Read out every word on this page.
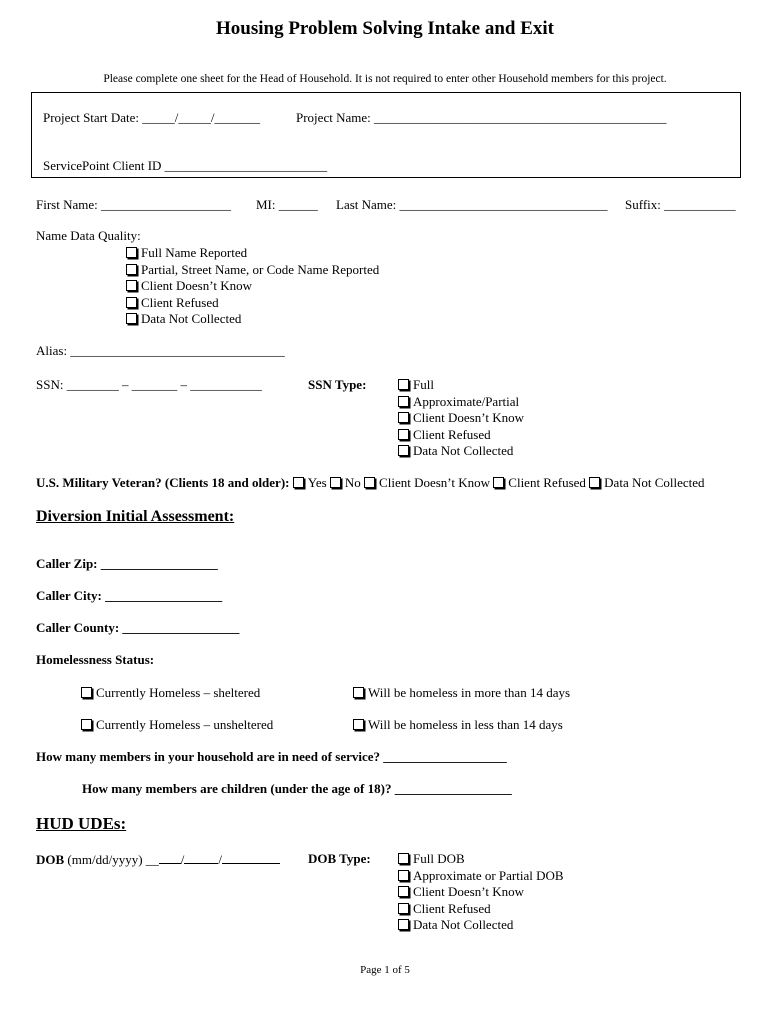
Housing Problem Solving Intake and Exit
Please complete one sheet for the Head of Household. It is not required to enter other Household members for this project.
Project Start Date: _____/_____/_______	Project Name: _____________________________________________
ServicePoint Client ID _________________________
First Name: ____________________ MI: ______ Last Name: ________________________________ Suffix: ___________
Name Data Quality:
Full Name Reported
Partial, Street Name, or Code Name Reported
Client Doesn’t Know
Client Refused
Data Not Collected
Alias: _________________________________
SSN: ________ – _______ – ___________	SSN Type:	Full
Approximate/Partial
Client Doesn’t Know
Client Refused
Data Not Collected
U.S. Military Veteran? (Clients 18 and older): Yes No Client Doesn’t Know Client Refused Data Not Collected
Diversion Initial Assessment:
Caller Zip: __________________
Caller City: __________________
Caller County: __________________
Homelessness Status:
Currently Homeless – sheltered	Will be homeless in more than 14 days
Currently Homeless – unsheltered	Will be homeless in less than 14 days
How many members in your household are in need of service? ___________________
How many members are children (under the age of 18)? __________________
HUD UDEs:
DOB (mm/dd/yyyy) __ /	/	DOB Type:	Full DOB
Approximate or Partial DOB
Client Doesn’t Know
Client Refused
Data Not Collected
Page 1 of 5
